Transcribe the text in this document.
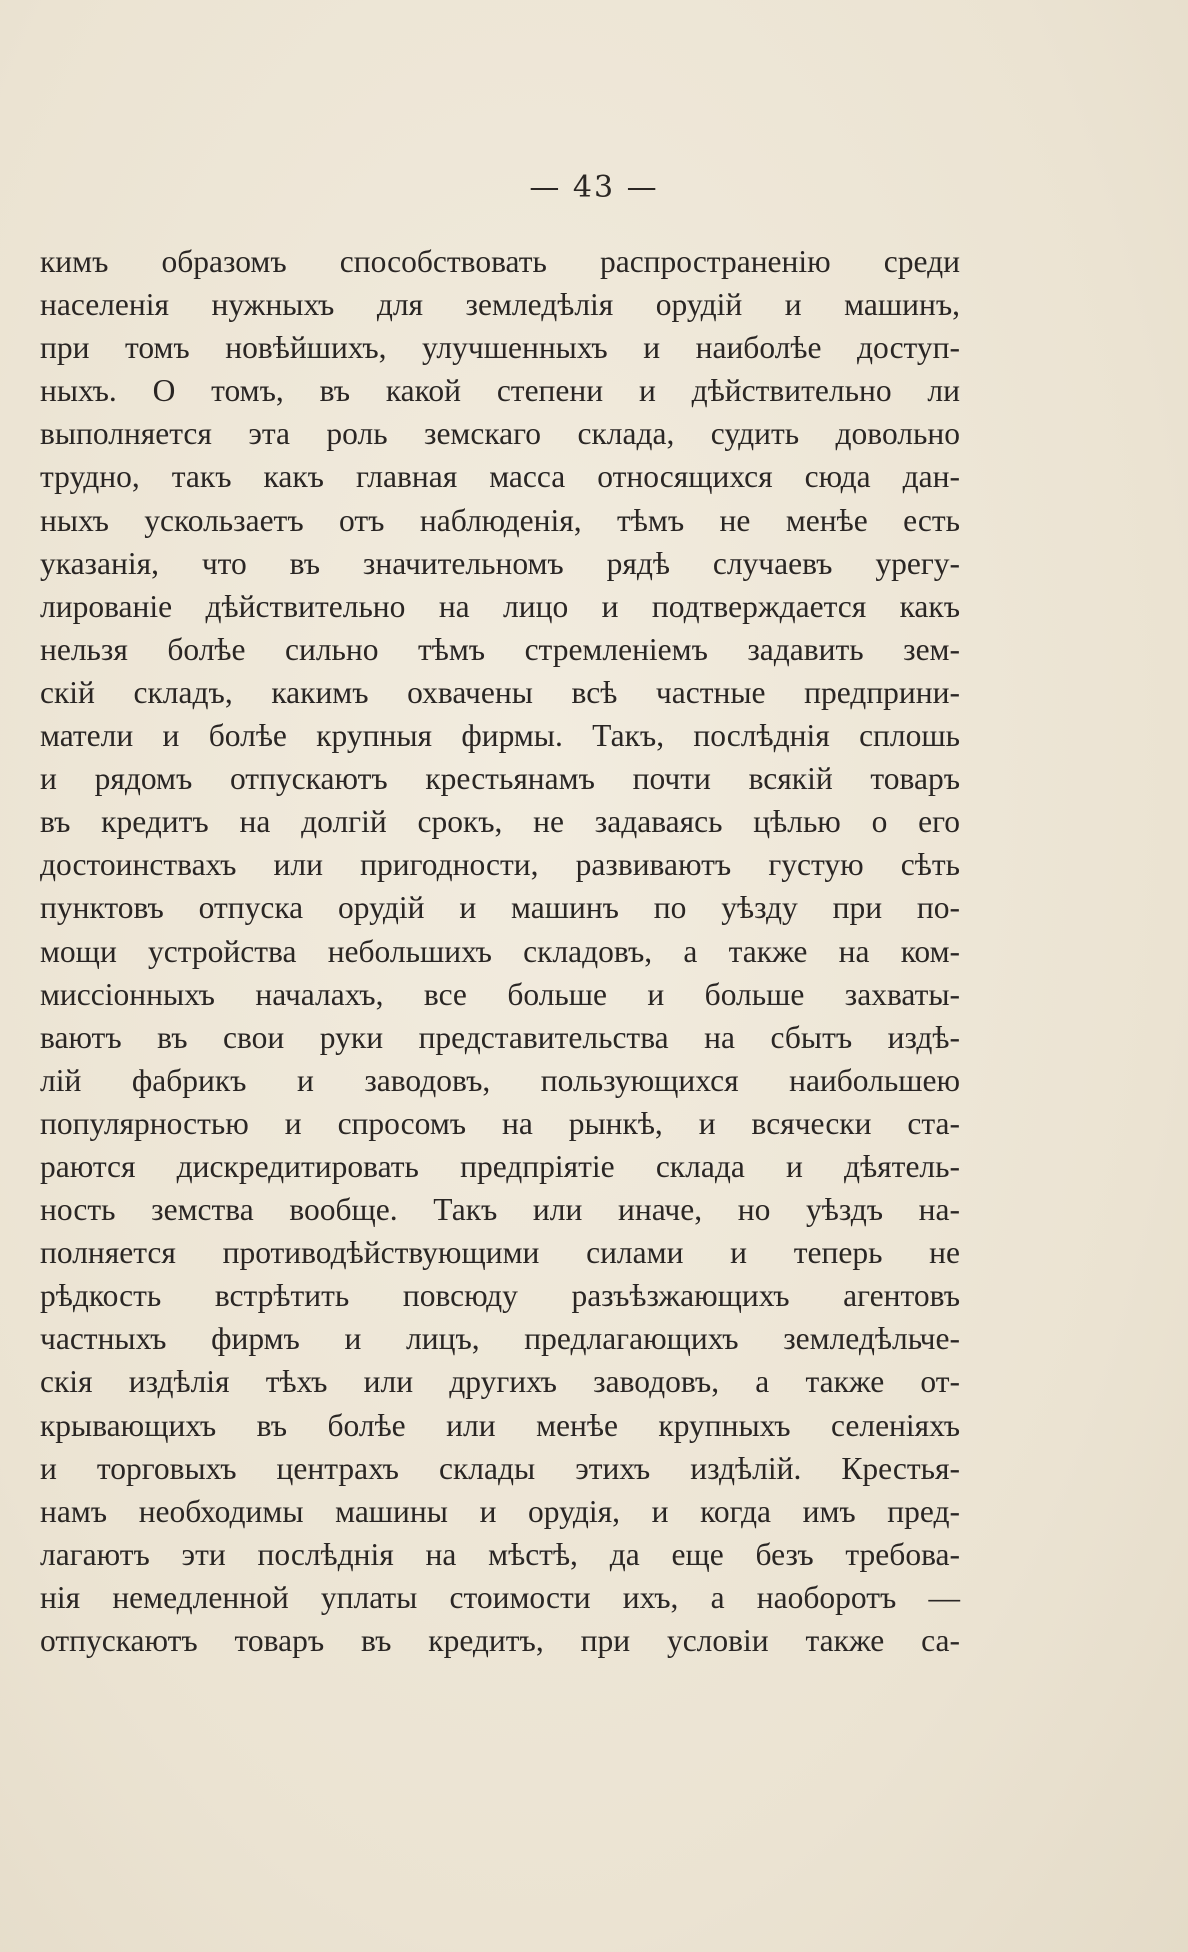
— 43 —
кимъ образомъ способствовать распространенію среди
населенія нужныхъ для земледѣлія орудій и машинъ,
при томъ новѣйшихъ, улучшенныхъ и наиболѣе доступ-
ныхъ. О томъ, въ какой степени и дѣйствительно ли
выполняется эта роль земскаго склада, судить довольно
трудно, такъ какъ главная масса относящихся сюда дан-
ныхъ ускользаетъ отъ наблюденія, тѣмъ не менѣе есть
указанія, что въ значительномъ рядѣ случаевъ урегу-
лированіе дѣйствительно на лицо и подтверждается какъ
нельзя болѣе сильно тѣмъ стремленіемъ задавить зем-
скій складъ, какимъ охвачены всѣ частные предприни-
матели и болѣе крупныя фирмы. Такъ, послѣднія сплошь
и рядомъ отпускаютъ крестьянамъ почти всякій товаръ
въ кредитъ на долгій срокъ, не задаваясь цѣлью о его
достоинствахъ или пригодности, развиваютъ густую сѣть
пунктовъ отпуска орудій и машинъ по уѣзду при по-
мощи устройства небольшихъ складовъ, а также на ком-
миссіонныхъ началахъ, все больше и больше захваты-
ваютъ въ свои руки представительства на сбытъ издѣ-
лій фабрикъ и заводовъ, пользующихся наибольшею
популярностью и спросомъ на рынкѣ, и всячески ста-
раются дискредитировать предпріятіе склада и дѣятель-
ность земства вообще. Такъ или иначе, но уѣздъ на-
полняется противодѣйствующими силами и теперь не
рѣдкость встрѣтить повсюду разъѣзжающихъ агентовъ
частныхъ фирмъ и лицъ, предлагающихъ земледѣльче-
скія издѣлія тѣхъ или другихъ заводовъ, а также от-
крывающихъ въ болѣе или менѣе крупныхъ селеніяхъ
и торговыхъ центрахъ склады этихъ издѣлій. Крестья-
намъ необходимы машины и орудія, и когда имъ пред-
лагаютъ эти послѣднія на мѣстѣ, да еще безъ требова-
нія немедленной уплаты стоимости ихъ, а наоборотъ —
отпускаютъ товаръ въ кредитъ, при условіи также са-
